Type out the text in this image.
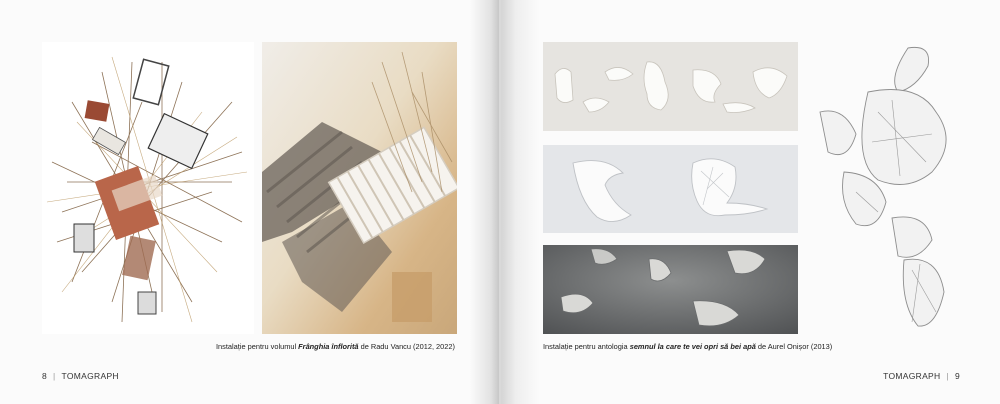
Instalație pentru volumul Frânghia înflorită de Radu Vancu (2012, 2022)
8 | TOMAGRAPH
Instalație pentru antologia semnul la care te vei opri să bei apă de Aurel Onișor (2013)
TOMAGRAPH | 9
